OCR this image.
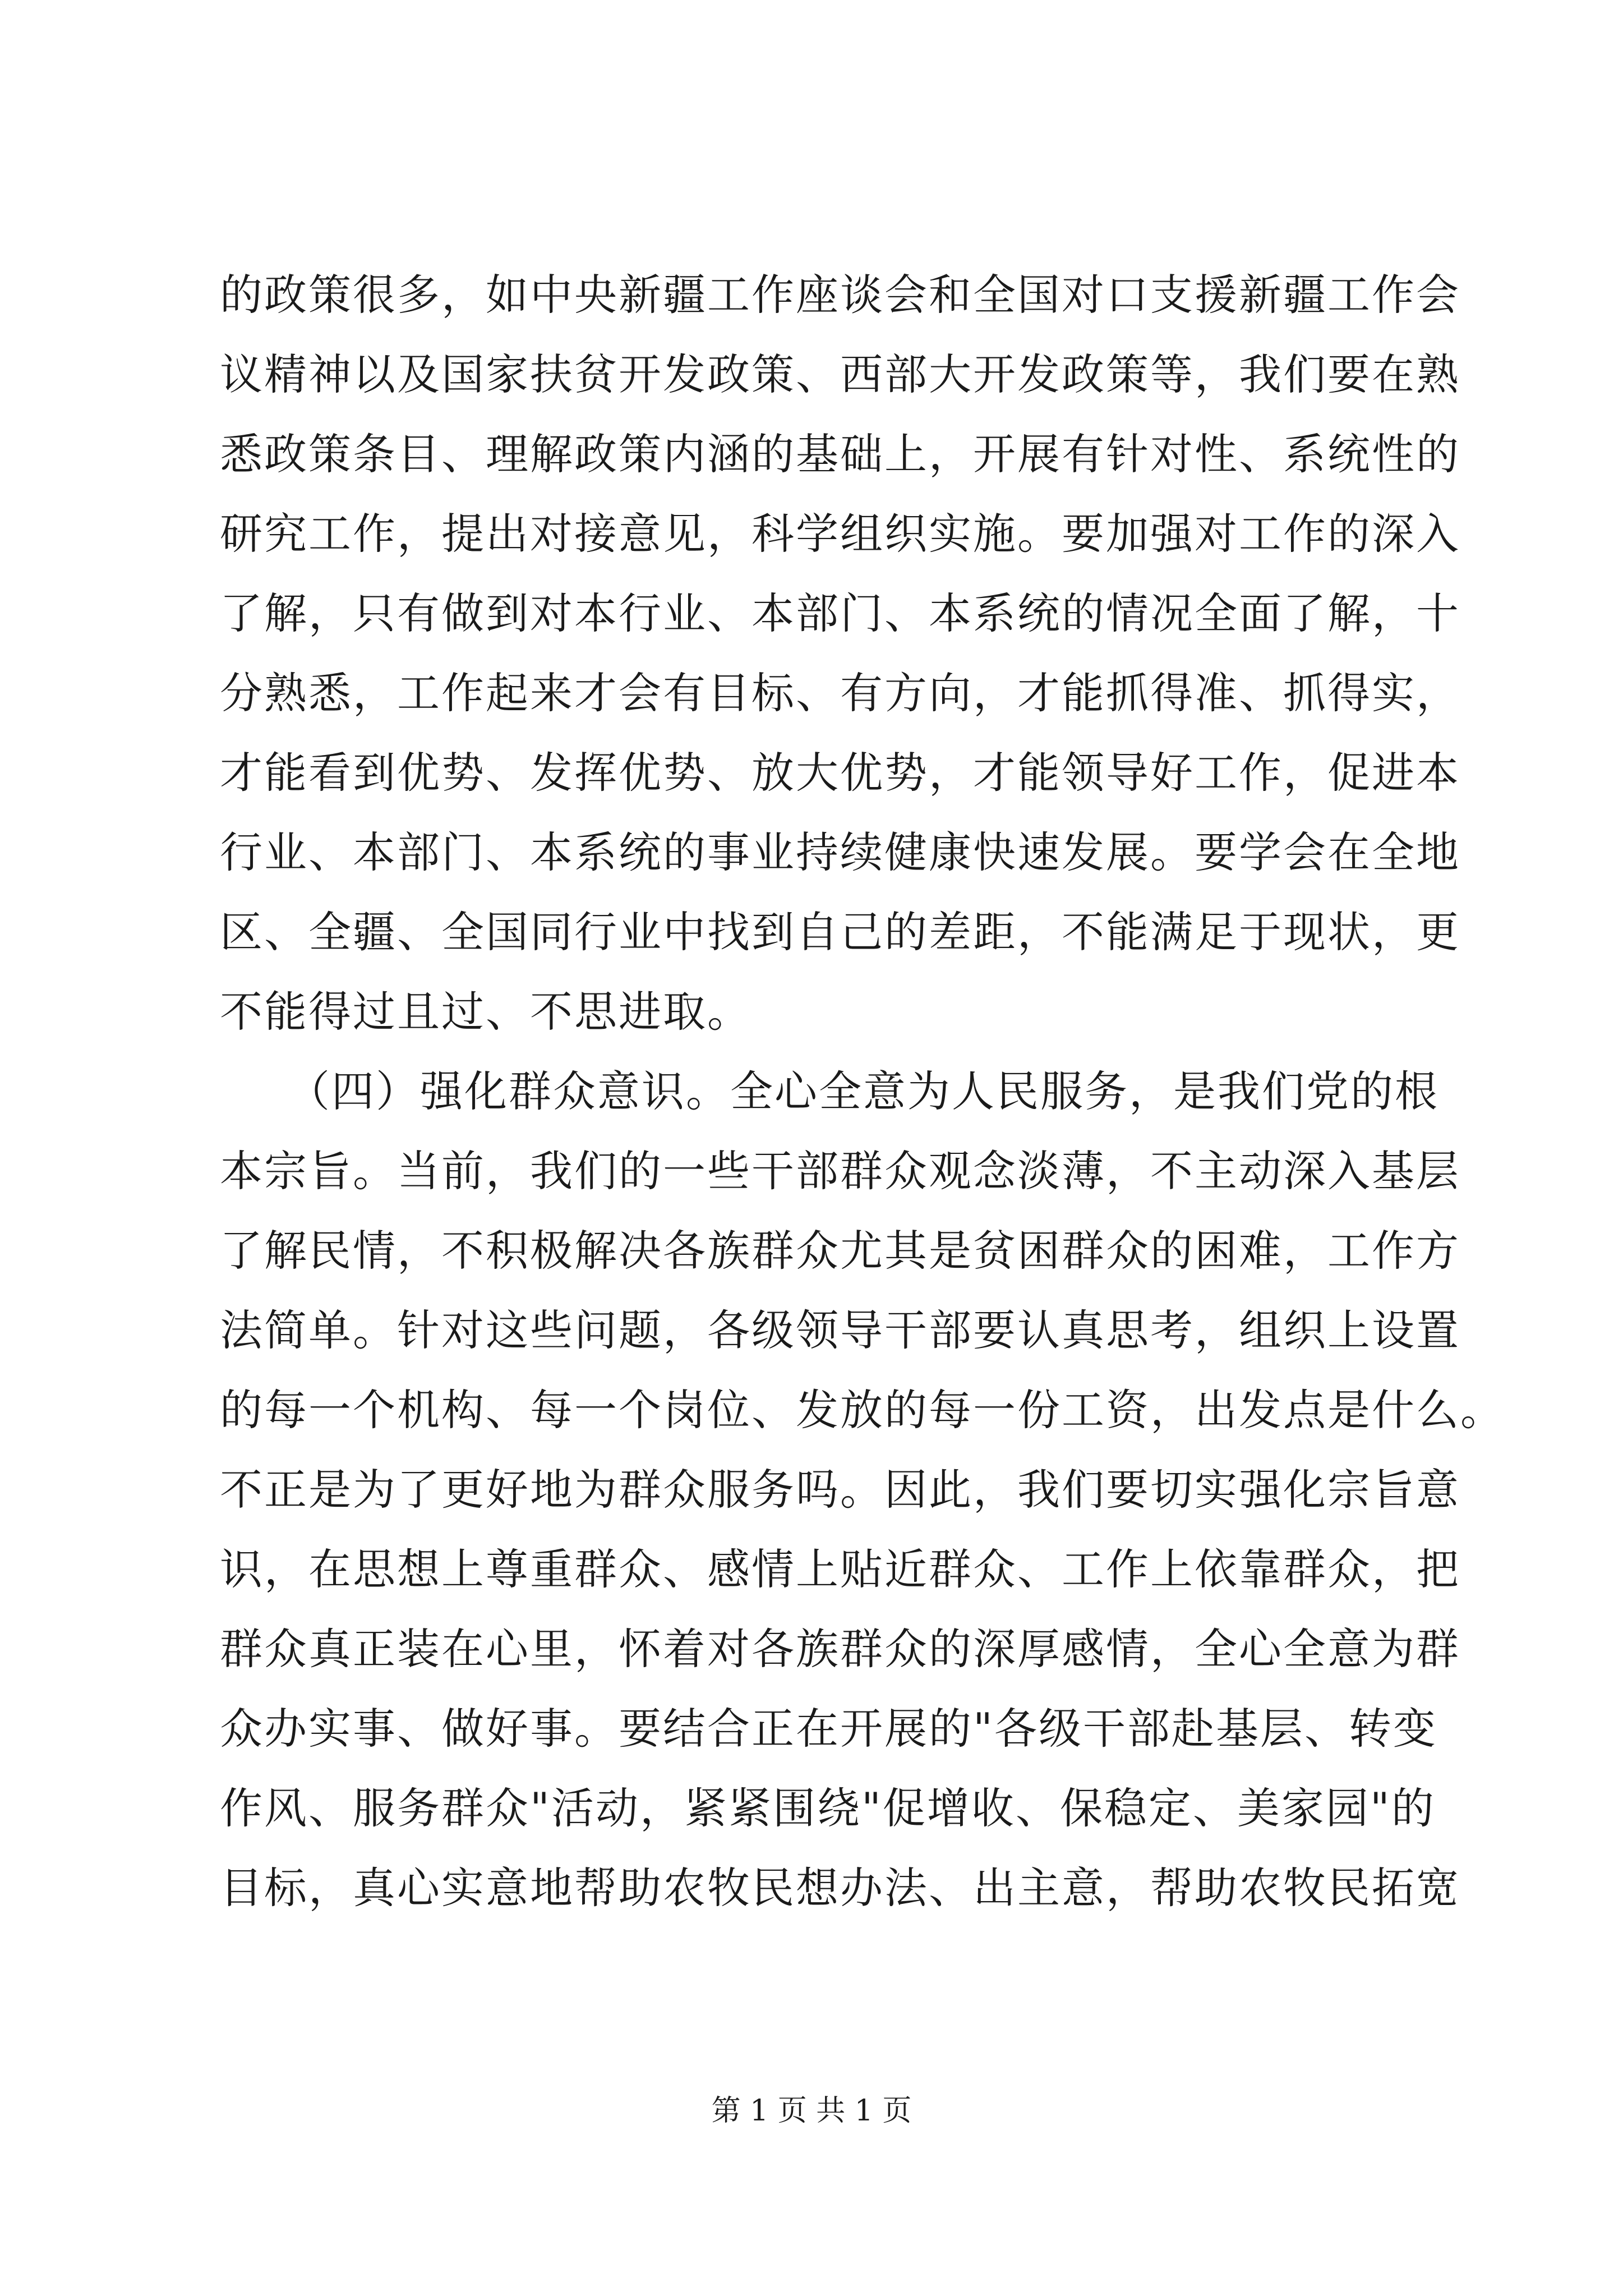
的政策很多，如中央新疆工作座谈会和全国对口支援新疆工作会
议精神以及国家扶贫开发政策、西部大开发政策等，我们要在熟
悉政策条目、理解政策内涵的基础上，开展有针对性、系统性的
研究工作，提出对接意见，科学组织实施。要加强对工作的深入
了解，只有做到对本行业、本部门、本系统的情况全面了解，十
分熟悉，工作起来才会有目标、有方向，才能抓得准、抓得实，
才能看到优势、发挥优势、放大优势，才能领导好工作，促进本
行业、本部门、本系统的事业持续健康快速发展。要学会在全地
区、全疆、全国同行业中找到自己的差距，不能满足于现状，更
不能得过且过、不思进取。
　　（四）强化群众意识。全心全意为人民服务，是我们党的根
本宗旨。当前，我们的一些干部群众观念淡薄，不主动深入基层
了解民情，不积极解决各族群众尤其是贫困群众的困难，工作方
法简单。针对这些问题，各级领导干部要认真思考，组织上设置
的每一个机构、每一个岗位、发放的每一份工资，出发点是什么。
不正是为了更好地为群众服务吗。因此，我们要切实强化宗旨意
识，在思想上尊重群众、感情上贴近群众、工作上依靠群众，把
群众真正装在心里，怀着对各族群众的深厚感情，全心全意为群
众办实事、做好事。要结合正在开展的"各级干部赴基层、转变
作风、服务群众"活动，紧紧围绕"促增收、保稳定、美家园"的
目标，真心实意地帮助农牧民想办法、出主意，帮助农牧民拓宽
第 1 页 共 1 页
